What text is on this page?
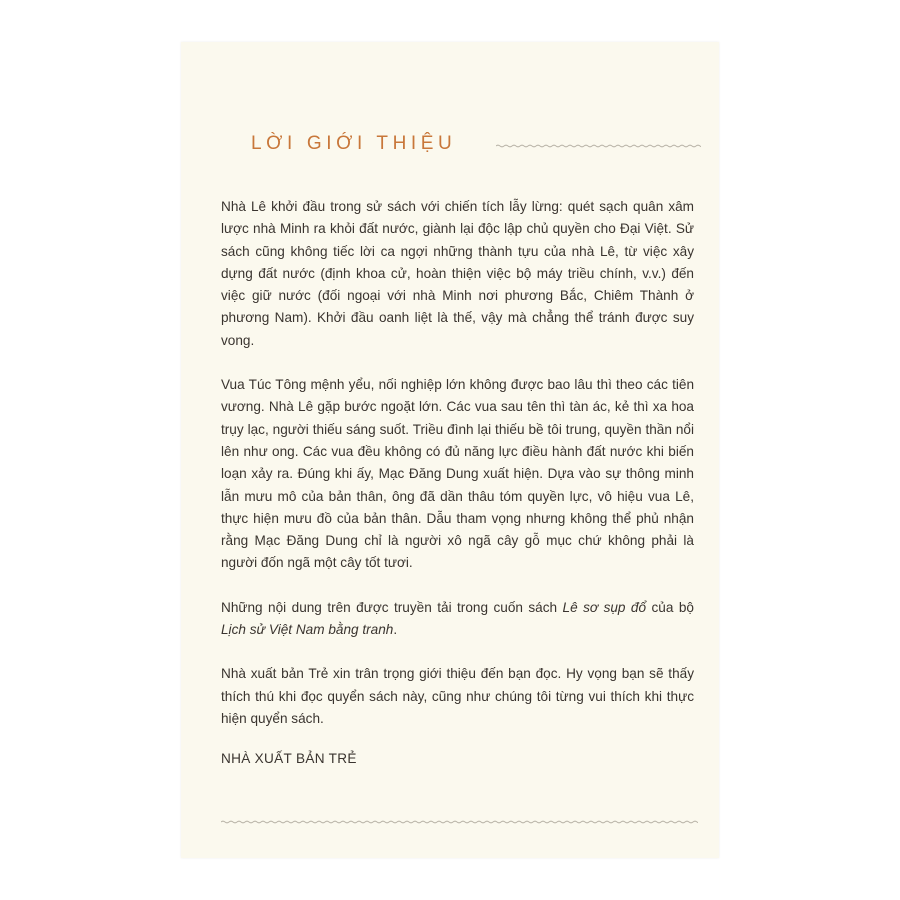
LỜI GIỚI THIỆU

Nhà Lê khởi đầu trong sử sách với chiến tích lẫy lừng: quét sạch quân xâm lược nhà Minh ra khỏi đất nước, giành lại độc lập chủ quyền cho Đại Việt. Sử sách cũng không tiếc lời ca ngợi những thành tựu của nhà Lê, từ việc xây dựng đất nước (định khoa cử, hoàn thiện việc bộ máy triều chính, v.v.) đến việc giữ nước (đối ngoại với nhà Minh nơi phương Bắc, Chiêm Thành ở phương Nam). Khởi đầu oanh liệt là thế, vậy mà chẳng thể tránh được suy vong.

Vua Túc Tông mệnh yểu, nối nghiệp lớn không được bao lâu thì theo các tiên vương. Nhà Lê gặp bước ngoặt lớn. Các vua sau tên thì tàn ác, kẻ thì xa hoa trụy lạc, người thiếu sáng suốt. Triều đình lại thiếu bề tôi trung, quyền thần nổi lên như ong. Các vua đều không có đủ năng lực điều hành đất nước khi biến loạn xảy ra. Đúng khi ấy, Mạc Đăng Dung xuất hiện. Dựa vào sự thông minh lẫn mưu mô của bản thân, ông đã dần thâu tóm quyền lực, vô hiệu vua Lê, thực hiện mưu đồ của bản thân. Dẫu tham vọng nhưng không thể phủ nhận rằng Mạc Đăng Dung chỉ là người xô ngã cây gỗ mục chứ không phải là người đốn ngã một cây tốt tươi.

Những nội dung trên được truyền tải trong cuốn sách Lê sơ sụp đổ của bộ Lịch sử Việt Nam bằng tranh.

Nhà xuất bản Trẻ xin trân trọng giới thiệu đến bạn đọc. Hy vọng bạn sẽ thấy thích thú khi đọc quyển sách này, cũng như chúng tôi từng vui thích khi thực hiện quyển sách.

NHÀ XUẤT BẢN TRẺ
